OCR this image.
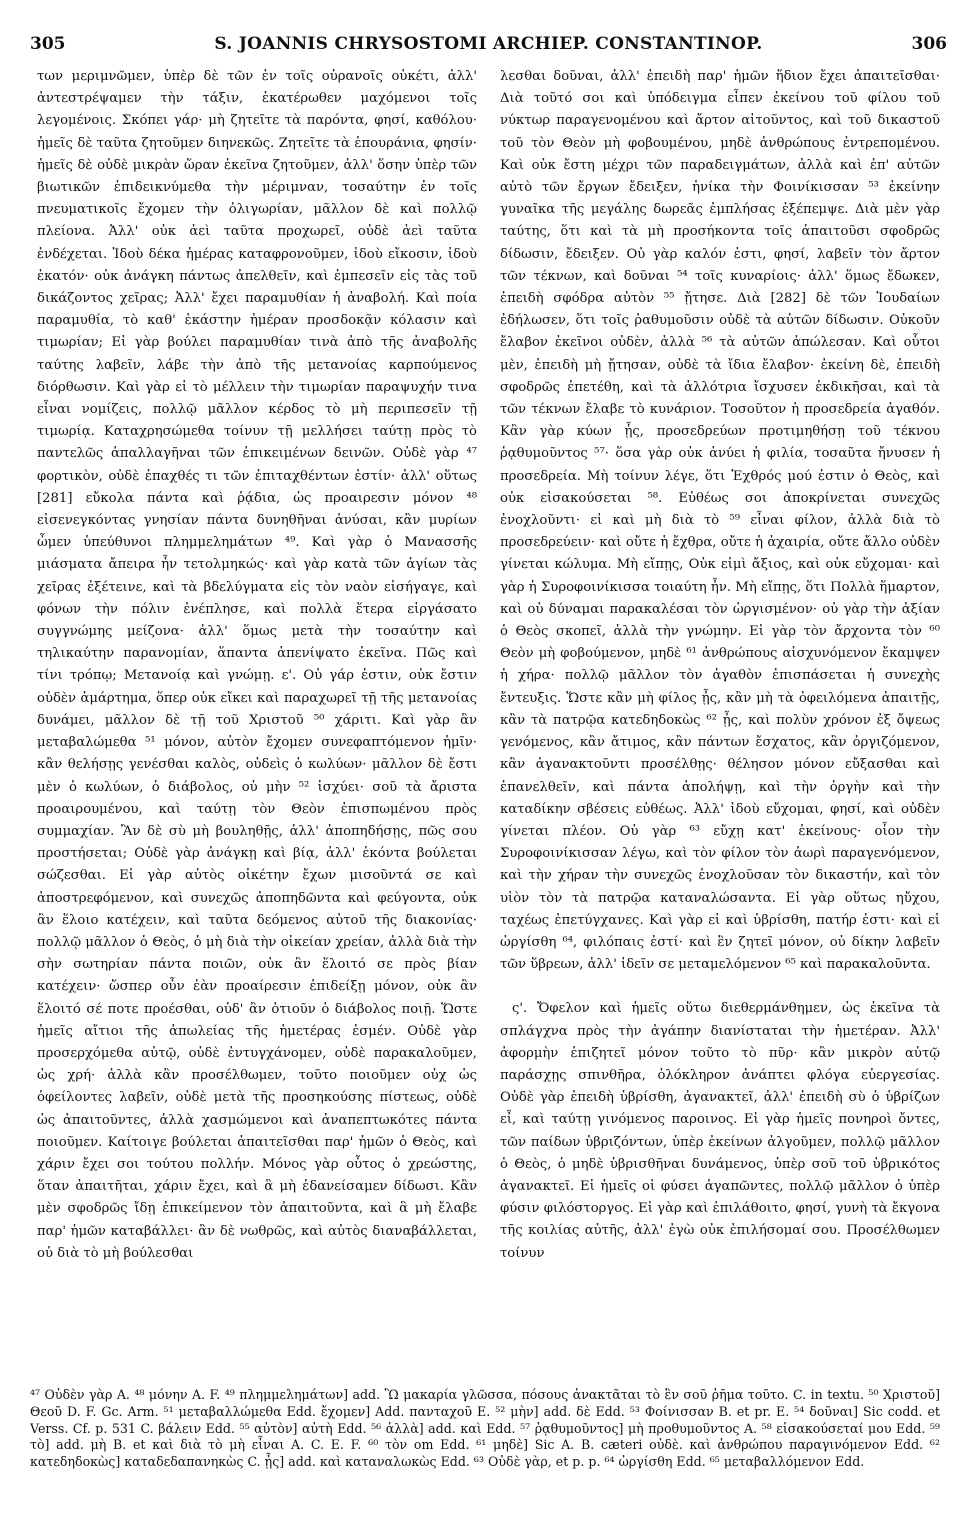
305	S. JOANNIS CHRYSOSTOMI ARCHIEP. CONSTANTINOP.	306

των μεριμνῶμεν, ὑπὲρ δὲ τῶν ἐν τοῖς οὐρανοῖς οὐκέτι, ἀλλ' ἀντεστρέψαμεν τὴν τάξιν, ἑκατέρωθεν μαχόμενοι τοῖς λεγομένοις. Σκόπει γάρ· μὴ ζητεῖτε τὰ παρόντα, φησί, καθόλου· ἡμεῖς δὲ ταῦτα ζητοῦμεν διηνεκῶς. Ζητεῖτε τὰ ἐπουράνια, φησίν· ἡμεῖς δὲ οὐδὲ μικρὰν ὥραν ἐκεῖνα ζητοῦμεν, ἀλλ' ὅσην ὑπὲρ τῶν βιωτικῶν ἐπιδεικνύμεθα τὴν μέριμναν, τοσαύτην ἐν τοῖς πνευματικοῖς ἔχομεν τὴν ὀλιγωρίαν, μᾶλλον δὲ καὶ πολλῷ πλείονα. Ἀλλ' οὐκ ἀεὶ ταῦτα προχωρεῖ, οὐδὲ ἀεὶ ταῦτα ἐνδέχεται. Ἰδοὺ δέκα ἡμέρας καταφρονοῦμεν, ἰδοὺ εἴκοσιν, ἰδοὺ ἑκατόν· οὐκ ἀνάγκη πάντως ἀπελθεῖν, καὶ ἐμπεσεῖν εἰς τὰς τοῦ δικάζοντος χεῖρας; Ἀλλ' ἔχει παραμυθίαν ἡ ἀναβολή. Καὶ ποία παραμυθία, τὸ καθ' ἑκάστην ἡμέραν προσδοκᾷν κόλασιν καὶ τιμωρίαν; Εἰ γὰρ βούλει παραμυθίαν τινὰ ἀπὸ τῆς ἀναβολῆς ταύτης λαβεῖν, λάβε τὴν ἀπὸ τῆς μετανοίας καρπούμενος διόρθωσιν. Καὶ γὰρ εἰ τὸ μέλλειν τὴν τιμωρίαν παραψυχήν τινα εἶναι νομίζεις, πολλῷ μᾶλλον κέρδος τὸ μὴ περιπεσεῖν τῇ τιμωρίᾳ. Καταχρησώμεθα τοίνυν τῇ μελλήσει ταύτῃ πρὸς τὸ παντελῶς ἀπαλλαγῆναι τῶν ἐπικειμένων δεινῶν. Οὐδὲ γὰρ ⁴⁷ φορτικὸν, οὐδὲ ἐπαχθές τι τῶν ἐπιταχθέντων ἐστίν· ἀλλ' οὕτως [281] εὔκολα πάντα καὶ ῥᾴδια, ὡς προαιρεσιν μόνον ⁴⁸ εἰσενεγκόντας γνησίαν πάντα δυνηθῆναι ἀνύσαι, κἂν μυρίων ὦμεν ὑπεύθυνοι πλημμελημάτων ⁴⁹. Καὶ γὰρ ὁ Μανασσῆς μιάσματα ἄπειρα ἦν τετολμηκώς· καὶ γὰρ κατὰ τῶν ἁγίων τὰς χεῖρας ἐξέτεινε, καὶ τὰ βδελύγματα εἰς τὸν ναὸν εἰσήγαγε, καὶ φόνων τὴν πόλιν ἐνέπλησε, καὶ πολλὰ ἕτερα εἰργάσατο συγγνώμης μείζονα· ἀλλ' ὅμως μετὰ τὴν τοσαύτην καὶ τηλικαύτην παρανομίαν, ἅπαντα ἀπενίψατο ἐκεῖνα. Πῶς καὶ τίνι τρόπῳ; Μετανοίᾳ καὶ γνώμῃ. ε'. Οὐ γάρ ἐστιν, οὐκ ἔστιν οὐδὲν ἁμάρτημα, ὅπερ οὐκ εἴκει καὶ παραχωρεῖ τῇ τῆς μετανοίας δυνάμει, μᾶλλον δὲ τῇ τοῦ Χριστοῦ ⁵⁰ χάριτι. Καὶ γὰρ ἂν μεταβαλώμεθα ⁵¹ μόνον, αὐτὸν ἔχομεν συνεφαπτόμενον ἡμῖν· κἂν θελήσῃς γενέσθαι καλὸς, οὐδεὶς ὁ κωλύων· μᾶλλον δὲ ἔστι μὲν ὁ κωλύων, ὁ διάβολος, οὐ μὴν ⁵² ἰσχύει· σοῦ τὰ ἄριστα προαιρουμένου, καὶ ταύτῃ τὸν Θεὸν ἐπισπωμένου πρὸς συμμαχίαν. Ἂν δὲ σὺ μὴ βουληθῇς, ἀλλ' ἀποπηδήσῃς, πῶς σου προστήσεται; Οὐδὲ γὰρ ἀνάγκῃ καὶ βίᾳ, ἀλλ' ἑκόντα βούλεται σώζεσθαι. Εἰ γὰρ αὐτὸς οἰκέτην ἔχων μισοῦντά σε καὶ ἀποστρεφόμενον, καὶ συνεχῶς ἀποπηδῶντα καὶ φεύγοντα, οὐκ ἂν ἕλοιο κατέχειν, καὶ ταῦτα δεόμενος αὐτοῦ τῆς διακονίας· πολλῷ μᾶλλον ὁ Θεὸς, ὁ μὴ διὰ τὴν οἰκείαν χρείαν, ἀλλὰ διὰ τὴν σὴν σωτηρίαν πάντα ποιῶν, οὐκ ἂν ἕλοιτό σε πρὸς βίαν κατέχειν· ὥσπερ οὖν ἐὰν προαίρεσιν ἐπιδείξῃ μόνον, οὐκ ἂν ἕλοιτό σέ ποτε προέσθαι, οὐδ' ἂν ὁτιοῦν ὁ διάβολος ποιῇ. Ὥστε ἡμεῖς αἴτιοι τῆς ἀπωλείας τῆς ἡμετέρας ἐσμέν. Οὐδὲ γὰρ προσερχόμεθα αὐτῷ, οὐδὲ ἐντυγχάνομεν, οὐδὲ παρακαλοῦμεν, ὡς χρή· ἀλλὰ κἂν προσέλθωμεν, τοῦτο ποιοῦμεν οὐχ ὡς ὀφείλοντες λαβεῖν, οὐδὲ μετὰ τῆς προσηκούσης πίστεως, οὐδὲ ὡς ἀπαιτοῦντες, ἀλλὰ χασμώμενοι καὶ ἀναπεπτωκότες πάντα ποιοῦμεν. Καίτοιγε βούλεται ἀπαιτεῖσθαι παρ' ἡμῶν ὁ Θεὸς, καὶ χάριν ἔχει σοι τούτου πολλήν. Μόνος γὰρ οὗτος ὁ χρεώστης, ὅταν ἀπαιτῆται, χάριν ἔχει, καὶ ἃ μὴ ἐδανείσαμεν δίδωσι. Κἂν μὲν σφοδρῶς ἴδῃ ἐπικείμενον τὸν ἀπαιτοῦντα, καὶ ἃ μὴ ἔλαβε παρ' ἡμῶν καταβάλλει· ἂν δὲ νωθρῶς, καὶ αὐτὸς διαναβάλλεται, οὐ διὰ τὸ μὴ βούλεσθαι

λεσθαι δοῦναι, ἀλλ' ἐπειδὴ παρ' ἡμῶν ἥδιον ἔχει ἀπαιτεῖσθαι· Διὰ τοῦτό σοι καὶ ὑπόδειγμα εἶπεν ἐκείνου τοῦ φίλου τοῦ νύκτωρ παραγενομένου καὶ ἄρτον αἰτοῦντος, καὶ τοῦ δικαστοῦ τοῦ τὸν Θεὸν μὴ φοβουμένου, μηδὲ ἀνθρώπους ἐντρεπομένου. Καὶ οὐκ ἔστη μέχρι τῶν παραδειγμάτων, ἀλλὰ καὶ ἐπ' αὐτῶν αὐτὸ τῶν ἔργων ἔδειξεν, ἡνίκα τὴν Φοινίκισσαν ⁵³ ἐκείνην γυναῖκα τῆς μεγάλης δωρεᾶς ἐμπλήσας ἐξέπεμψε. Διὰ μὲν γὰρ ταύτης, ὅτι καὶ τὰ μὴ προσήκοντα τοῖς ἀπαιτοῦσι σφοδρῶς δίδωσιν, ἔδειξεν. Οὐ γὰρ καλόν ἐστι, φησί, λαβεῖν τὸν ἄρτον τῶν τέκνων, καὶ δοῦναι ⁵⁴ τοῖς κυναρίοις· ἀλλ' ὅμως ἔδωκεν, ἐπειδὴ σφόδρα αὐτὸν ⁵⁵ ᾔτησε. Διὰ [282] δὲ τῶν Ἰουδαίων ἐδήλωσεν, ὅτι τοῖς ῥαθυμοῦσιν οὐδὲ τὰ αὐτῶν δίδωσιν. Οὐκοῦν ἔλαβον ἐκεῖνοι οὐδὲν, ἀλλὰ ⁵⁶ τὰ αὐτῶν ἀπώλεσαν. Καὶ οὗτοι μὲν, ἐπειδὴ μὴ ᾔτησαν, οὐδὲ τὰ ἴδια ἔλαβον· ἐκείνη δὲ, ἐπειδὴ σφοδρῶς ἐπετέθη, καὶ τὰ ἀλλότρια ἴσχυσεν ἐκδικῆσαι, καὶ τὰ τῶν τέκνων ἔλαβε τὸ κυνάριον. Τοσοῦτον ἡ προσεδρεία ἀγαθόν. Κἂν γὰρ κύων ᾖς, προσεδρεύων προτιμηθήσῃ τοῦ τέκνου ῥᾳθυμοῦντος ⁵⁷· ὅσα γὰρ οὐκ ἀνύει ἡ φιλία, τοσαῦτα ἤνυσεν ἡ προσεδρεία. Μὴ τοίνυν λέγε, ὅτι Ἐχθρός μού ἐστιν ὁ Θεὸς, καὶ οὐκ εἰσακούσεται ⁵⁸. Εὐθέως σοι ἀποκρίνεται συνεχῶς ἐνοχλοῦντι· εἰ καὶ μὴ διὰ τὸ ⁵⁹ εἶναι φίλον, ἀλλὰ διὰ τὸ προσεδρεύειν· καὶ οὔτε ἡ ἔχθρα, οὔτε ἡ ἀχαιρία, οὔτε ἄλλο οὐδὲν γίνεται κώλυμα. Μὴ εἴπῃς, Οὐκ εἰμὶ ἄξιος, καὶ οὐκ εὔχομαι· καὶ γὰρ ἡ Συροφοινίκισσα τοιαύτη ἦν. Μὴ εἴπῃς, ὅτι Πολλὰ ἥμαρτον, καὶ οὐ δύναμαι παρακαλέσαι τὸν ὠργισμένον· οὐ γὰρ τὴν ἀξίαν ὁ Θεὸς σκοπεῖ, ἀλλὰ τὴν γνώμην. Εἰ γὰρ τὸν ἄρχοντα τὸν ⁶⁰ Θεὸν μὴ φοβούμενον, μηδὲ ⁶¹ ἀνθρώπους αἰσχυνόμενον ἔκαμψεν ἡ χήρα· πολλῷ μᾶλλον τὸν ἀγαθὸν ἐπισπάσεται ἡ συνεχὴς ἔντευξις. Ὥστε κἂν μὴ φίλος ᾖς, κἂν μὴ τὰ ὀφειλόμενα ἀπαιτῇς, κἂν τὰ πατρῷα κατεδηδοκὼς ⁶² ᾖς, καὶ πολὺν χρόνον ἐξ ὄψεως γενόμενος, κἂν ἄτιμος, κἂν πάντων ἔσχατος, κἂν ὀργιζόμενον, κἂν ἀγανακτοῦντι προσέλθῃς· θέλησον μόνον εὔξασθαι καὶ ἐπανελθεῖν, καὶ πάντα ἀπολήψῃ, καὶ τὴν ὀργὴν καὶ τὴν καταδίκην σβέσεις εὐθέως. Ἀλλ' ἰδοὺ εὔχομαι, φησί, καὶ οὐδὲν γίνεται πλέον. Οὐ γὰρ ⁶³ εὔχῃ κατ' ἐκείνους· οἷον τὴν Συροφοινίκισσαν λέγω, καὶ τὸν φίλον τὸν ἀωρὶ παραγενόμενον, καὶ τὴν χήραν τὴν συνεχῶς ἐνοχλοῦσαν τὸν δικαστήν, καὶ τὸν υἱὸν τὸν τὰ πατρῷα καταναλώσαντα. Εἰ γὰρ οὕτως ηὔχου, ταχέως ἐπετύγχανες. Καὶ γὰρ εἰ καὶ ὑβρίσθη, πατήρ ἐστι· καὶ εἰ ὠργίσθη ⁶⁴, φιλόπαις ἐστί· καὶ ἓν ζητεῖ μόνον, οὐ δίκην λαβεῖν τῶν ὕβρεων, ἀλλ' ἰδεῖν σε μεταμελόμενον ⁶⁵ καὶ παρακαλοῦντα.

ς'. Ὄφελον καὶ ἡμεῖς οὕτω διεθερμάνθημεν, ὡς ἐκεῖνα τὰ σπλάγχνα πρὸς τὴν ἀγάπην διανίσταται τὴν ἡμετέραν. Ἀλλ' ἀφορμὴν ἐπιζητεῖ μόνον τοῦτο τὸ πῦρ· κἂν μικρὸν αὐτῷ παράσχῃς σπινθῆρα, ὁλόκληρον ἀνάπτει φλόγα εὐεργεσίας. Οὐδὲ γὰρ ἐπειδὴ ὑβρίσθη, ἀγανακτεῖ, ἀλλ' ἐπειδὴ σὺ ὁ ὑβρίζων εἶ, καὶ ταύτῃ γινόμενος παροινος. Εἰ γὰρ ἡμεῖς πονηροὶ ὄντες, τῶν παίδων ὑβριζόντων, ὑπὲρ ἐκείνων ἀλγοῦμεν, πολλῷ μᾶλλον ὁ Θεὸς, ὁ μηδὲ ὑβρισθῆναι δυνάμενος, ὑπὲρ σοῦ τοῦ ὑβρικότος ἀγανακτεῖ. Εἰ ἡμεῖς οἱ φύσει ἀγαπῶντες, πολλῷ μᾶλλον ὁ ὑπὲρ φύσιν φιλόστοργος. Εἰ γὰρ καὶ ἐπιλάθοιτο, φησί, γυνὴ τὰ ἔκγονα τῆς κοιλίας αὐτῆς, ἀλλ' ἐγὼ οὐκ ἐπιλήσομαί σου. Προσέλθωμεν τοίνυν

⁴⁷ Οὐδὲν γὰρ A. ⁴⁸ μόνην A. F. ⁴⁹ πλημμελημάτων] add. Ὢ μακαρία γλῶσσα, πόσους ἀνακτᾶται τὸ ἓν σοῦ ῥῆμα τοῦτο. C. in textu. ⁵⁰ Χριστοῦ] Θεοῦ D. F. Gc. Arm. ⁵¹ μεταβαλλώμεθα Edd. ἔχομεν] Add. πανταχοῦ E. ⁵² μὴν] add. δὲ Edd. ⁵³ Φοίνισσαν B. et pr. E. ⁵⁴ δοῦναι] Sic codd. et Verss. Cf. p. 531 C. βάλειν Edd. ⁵⁵ αὐτὸν] αὐτὴ Edd. ⁵⁶ ἀλλὰ] add. καὶ Edd. ⁵⁷ ῥᾳθυμοῦντος] μὴ προθυμοῦντος A. ⁵⁸ εἰσακούσεταί μου Edd. ⁵⁹ τὸ] add. μὴ B. et καὶ διὰ τὸ μὴ εἶναι A. C. E. F. ⁶⁰ τὸν om Edd. ⁶¹ μηδὲ] Sic A. B. cæteri οὐδὲ. καὶ ἀνθρώπου παραγινόμενον Edd. ⁶² κατεδηδοκὼς] καταδεδαπανηκὼς C. ᾖς] add. καὶ καταναλωκὼς Edd. ⁶³ Οὐδὲ γὰρ, et p. p. ⁶⁴ ὠργίσθη Edd. ⁶⁵ μεταβαλλόμενον Edd.
